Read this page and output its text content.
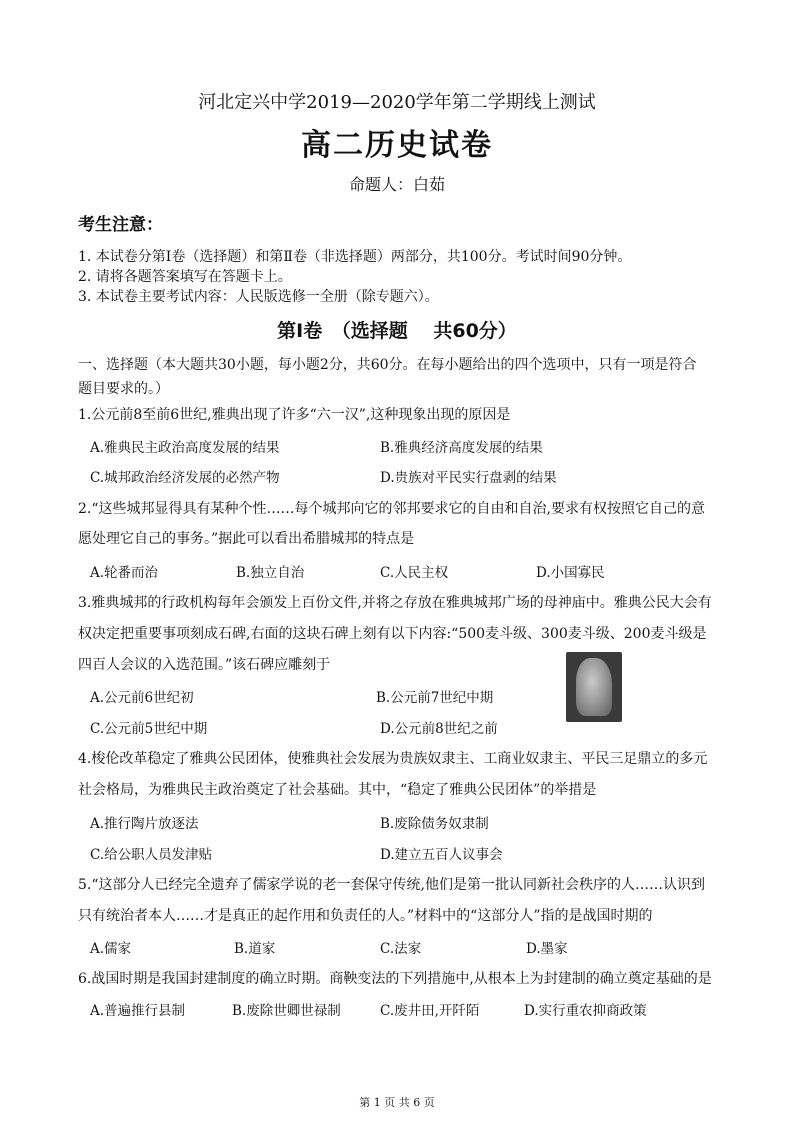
河北定兴中学2019—2020学年第二学期线上测试
高二历史试卷
命题人：白茹
考生注意：
1. 本试卷分第Ⅰ卷（选择题）和第Ⅱ卷（非选择题）两部分，共100分。考试时间90分钟。
2. 请将各题答案填写在答题卡上。
3. 本试卷主要考试内容：人民版选修一全册（除专题六）。
第Ⅰ卷　（选择题　 共60分）
一、选择题（本大题共30小题，每小题2分，共60分。在每小题给出的四个选项中，只有一项是符合
题目要求的。）
1.公元前8至前6世纪,雅典出现了许多“六一汉”,这种现象出现的原因是
A.雅典民主政治高度发展的结果	B.雅典经济高度发展的结果
C.城邦政治经济发展的必然产物	D.贵族对平民实行盘剥的结果
2.“这些城邦显得具有某种个性……每个城邦向它的邻邦要求它的自由和自治,要求有权按照它自己的意
愿处理它自己的事务。”据此可以看出希腊城邦的特点是
A.轮番而治	B.独立自治	C.人民主权	D.小国寡民
3.雅典城邦的行政机构每年会颁发上百份文件,并将之存放在雅典城邦广场的母神庙中。雅典公民大会有
权决定把重要事项刻成石碑,右面的这块石碑上刻有以下内容:“500麦斗级、300麦斗级、200麦斗级是
四百人会议的入选范围。”该石碑应雕刻于
A.公元前6世纪初	B.公元前7世纪中期
C.公元前5世纪中期	D.公元前8世纪之前
4.梭伦改革稳定了雅典公民团体，使雅典社会发展为贵族奴隶主、工商业奴隶主、平民三足鼎立的多元
社会格局，为雅典民主政治奠定了社会基础。其中，“稳定了雅典公民团体”的举措是
A.推行陶片放逐法	B.废除债务奴隶制
C.给公职人员发津贴	D.建立五百人议事会
5.“这部分人已经完全遗弃了儒家学说的老一套保守传统,他们是第一批认同新社会秩序的人……认识到
只有统治者本人……才是真正的起作用和负责任的人。”材料中的“这部分人”指的是战国时期的
A.儒家	B.道家	C.法家	D.墨家
6.战国时期是我国封建制度的确立时期。商鞅变法的下列措施中,从根本上为封建制的确立奠定基础的是
A.普遍推行县制	B.废除世卿世禄制	C.废井田,开阡陌	D.实行重农抑商政策
第 1 页 共 6 页
